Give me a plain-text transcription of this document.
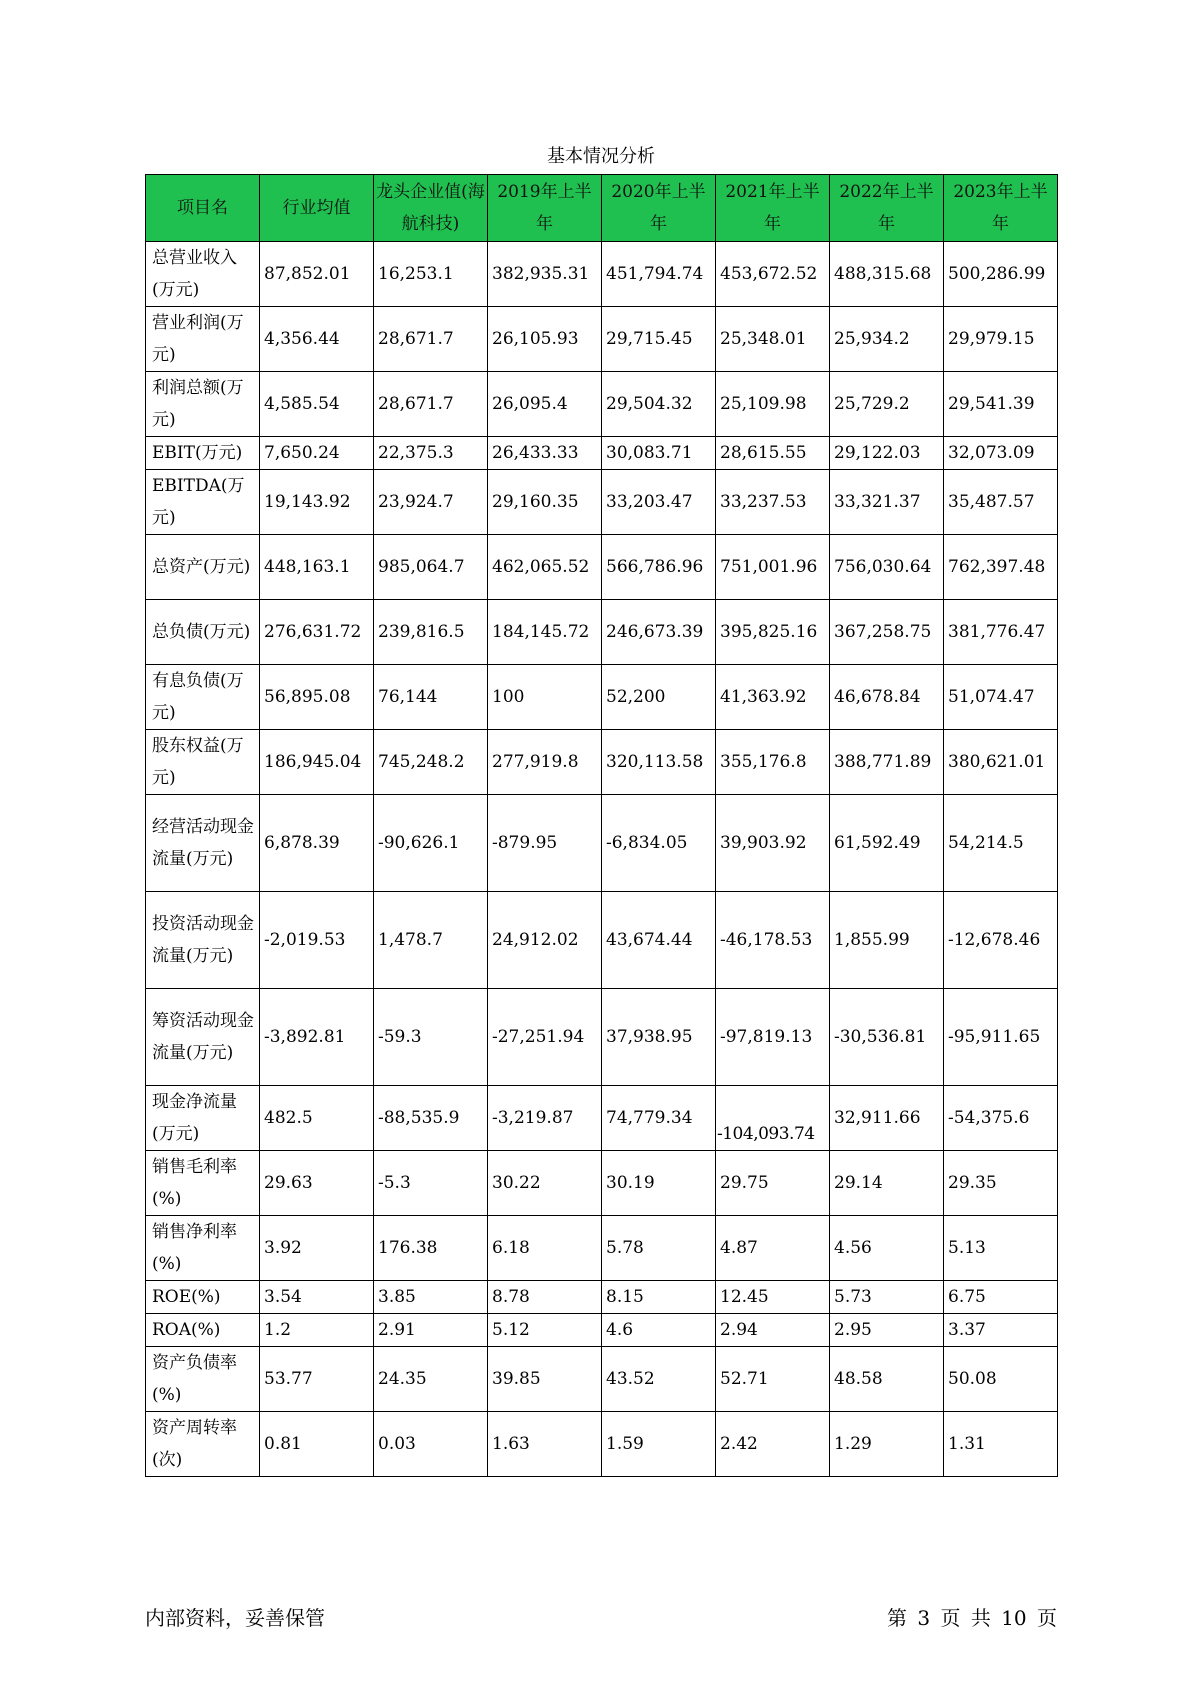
基本情况分析
项目名	行业均值	龙头企业值(海航科技)	2019年上半年	2020年上半年	2021年上半年	2022年上半年	2023年上半年

总营业收入(万元)	87,852.01	16,253.1	382,935.31	451,794.74	453,672.52	488,315.68	500,286.99
营业利润(万元)	4,356.44	28,671.7	26,105.93	29,715.45	25,348.01	25,934.2	29,979.15
利润总额(万元)	4,585.54	28,671.7	26,095.4	29,504.32	25,109.98	25,729.2	29,541.39
EBIT(万元)	7,650.24	22,375.3	26,433.33	30,083.71	28,615.55	29,122.03	32,073.09
EBITDA(万元)	19,143.92	23,924.7	29,160.35	33,203.47	33,237.53	33,321.37	35,487.57
总资产(万元)	448,163.1	985,064.7	462,065.52	566,786.96	751,001.96	756,030.64	762,397.48
总负债(万元)	276,631.72	239,816.5	184,145.72	246,673.39	395,825.16	367,258.75	381,776.47
有息负债(万元)	56,895.08	76,144	100	52,200	41,363.92	46,678.84	51,074.47
股东权益(万元)	186,945.04	745,248.2	277,919.8	320,113.58	355,176.8	388,771.89	380,621.01
经营活动现金流量(万元)	6,878.39	-90,626.1	-879.95	-6,834.05	39,903.92	61,592.49	54,214.5
投资活动现金流量(万元)	-2,019.53	1,478.7	24,912.02	43,674.44	-46,178.53	1,855.99	-12,678.46
筹资活动现金流量(万元)	-3,892.81	-59.3	-27,251.94	37,938.95	-97,819.13	-30,536.81	-95,911.65
现金净流量(万元)	482.5	-88,535.9	-3,219.87	74,779.34	-104,093.74	32,911.66	-54,375.6
销售毛利率(%)	29.63	-5.3	30.22	30.19	29.75	29.14	29.35
销售净利率(%)	3.92	176.38	6.18	5.78	4.87	4.56	5.13
ROE(%)	3.54	3.85	8.78	8.15	12.45	5.73	6.75
ROA(%)	1.2	2.91	5.12	4.6	2.94	2.95	3.37
资产负债率(%)	53.77	24.35	39.85	43.52	52.71	48.58	50.08
资产周转率(次)	0.81	0.03	1.63	1.59	2.42	1.29	1.31
内部资料，妥善保管	第 3 页 共 10 页
